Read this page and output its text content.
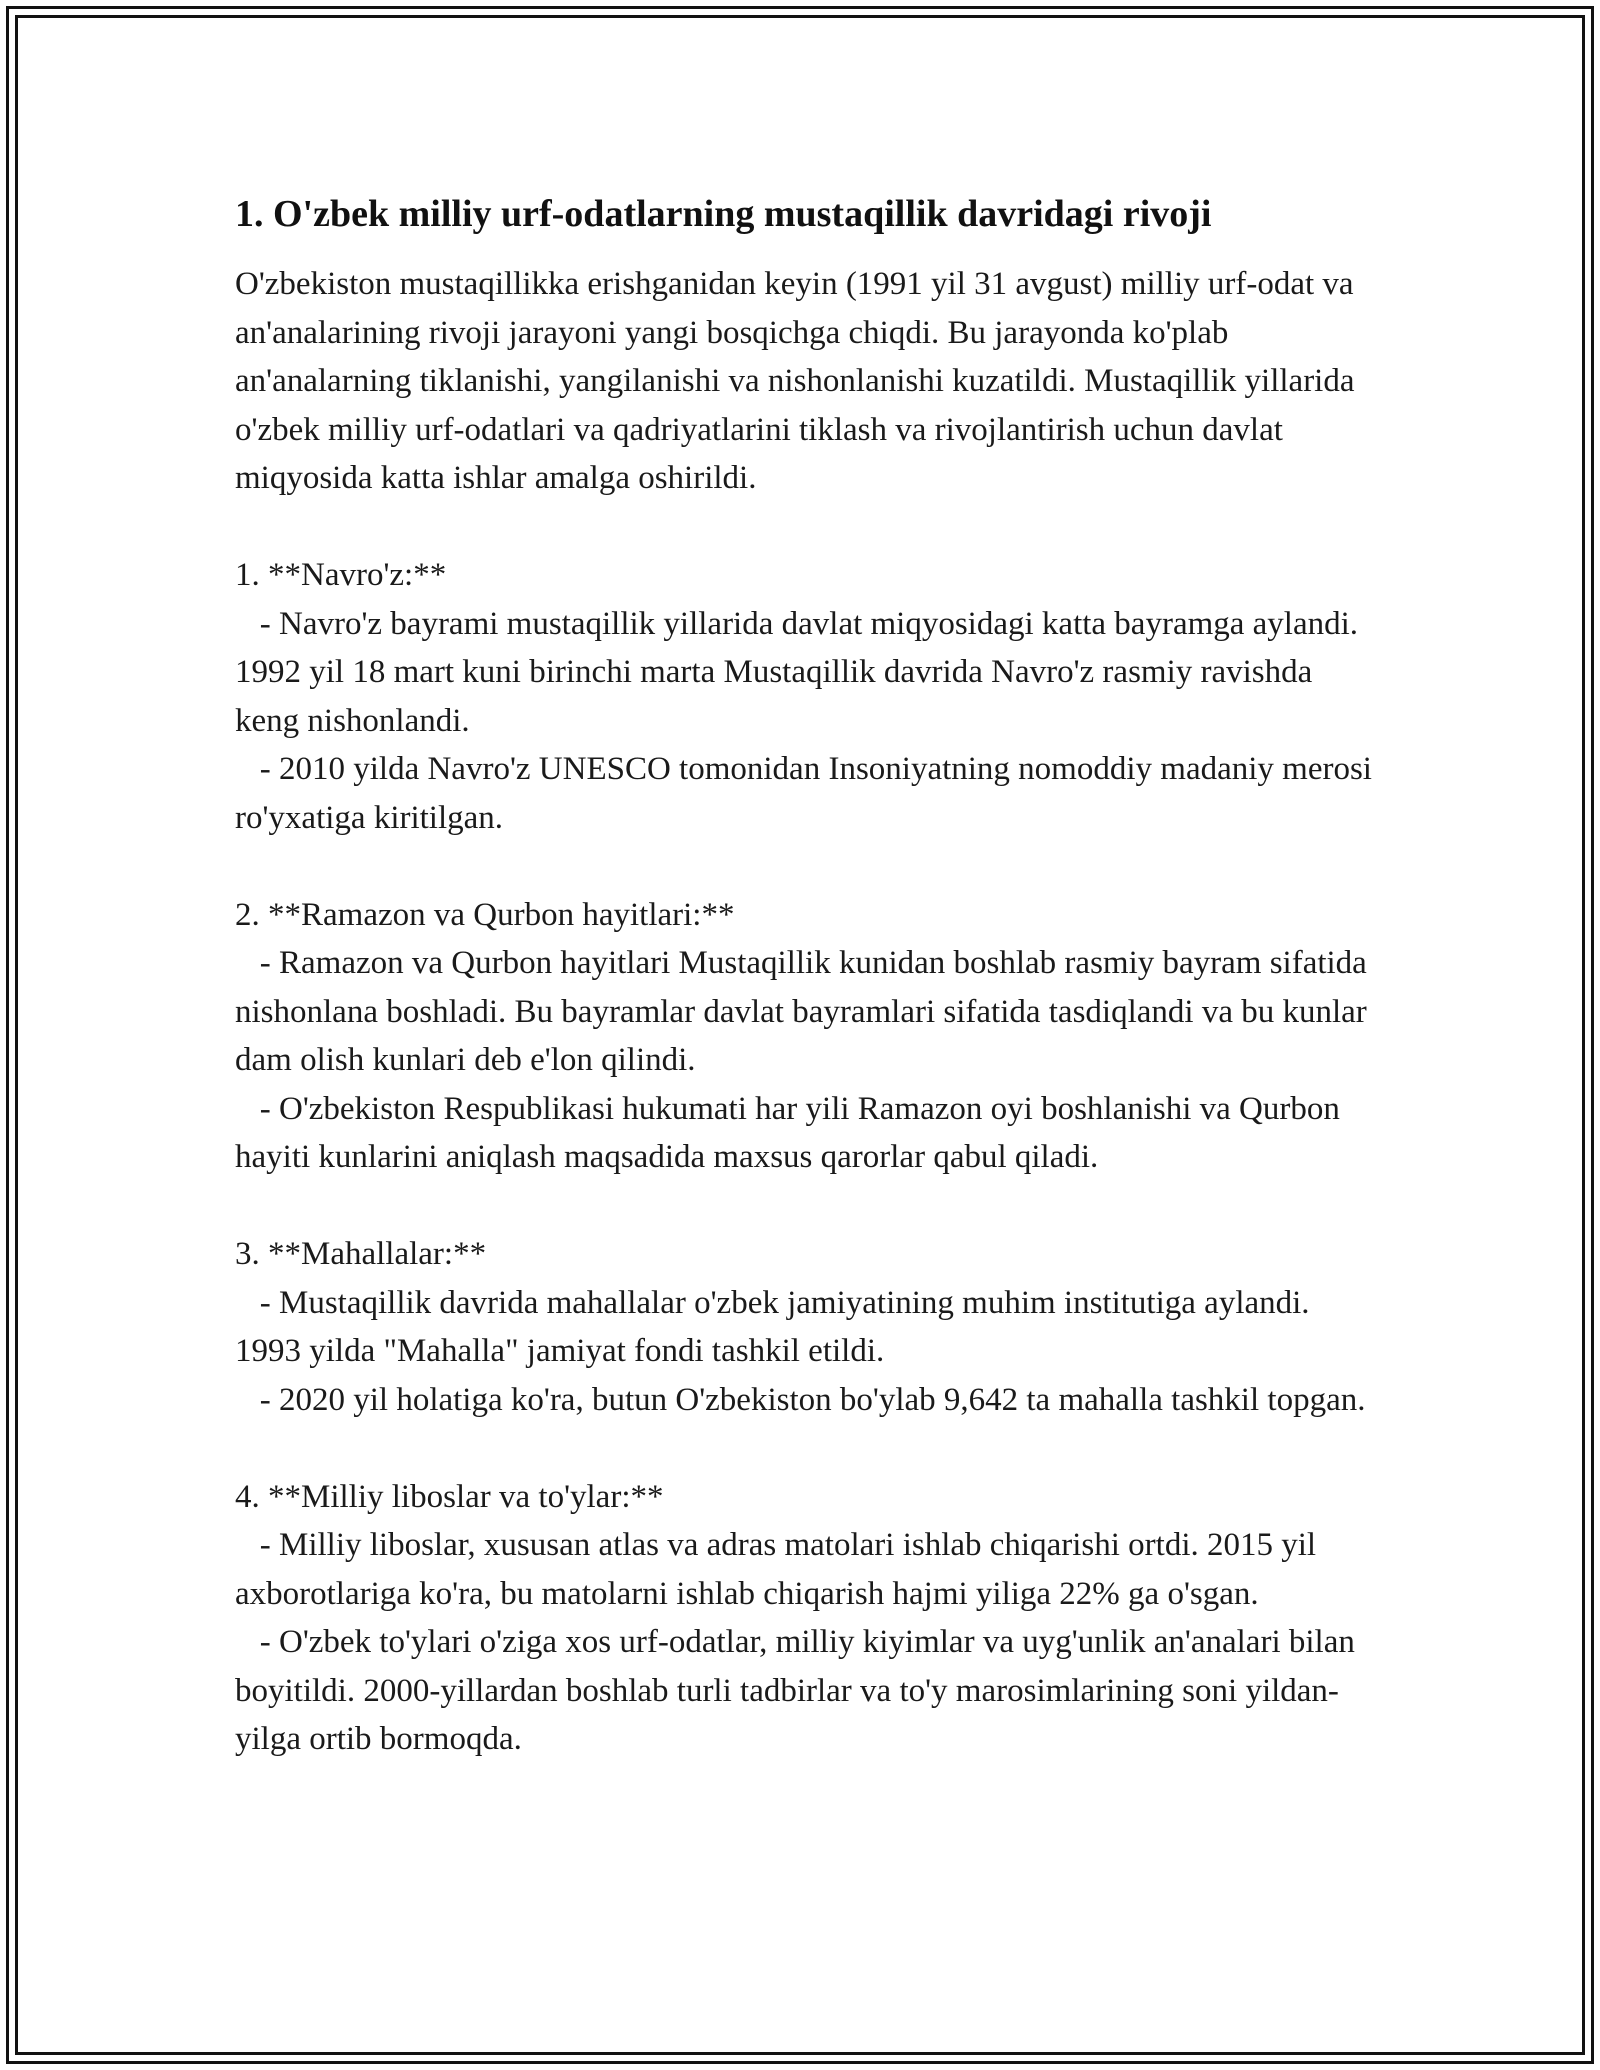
1. O'zbek milliy urf-odatlarning mustaqillik davridagi rivoji

O'zbekiston mustaqillikka erishganidan keyin (1991 yil 31 avgust) milliy urf-odat va an'analarining rivoji jarayoni yangi bosqichga chiqdi. Bu jarayonda ko'plab an'analarning tiklanishi, yangilanishi va nishonlanishi kuzatildi. Mustaqillik yillarida o'zbek milliy urf-odatlari va qadriyatlarini tiklash va rivojlantirish uchun davlat miqyosida katta ishlar amalga oshirildi.

1. **Navro'z:**

- Navro'z bayrami mustaqillik yillarida davlat miqyosidagi katta bayramga aylandi. 1992 yil 18 mart kuni birinchi marta Mustaqillik davrida Navro'z rasmiy ravishda keng nishonlandi.

- 2010 yilda Navro'z UNESCO tomonidan Insoniyatning nomoddiy madaniy merosi ro'yxatiga kiritilgan.

2. **Ramazon va Qurbon hayitlari:**

- Ramazon va Qurbon hayitlari Mustaqillik kunidan boshlab rasmiy bayram sifatida nishonlana boshladi. Bu bayramlar davlat bayramlari sifatida tasdiqlandi va bu kunlar dam olish kunlari deb e'lon qilindi.

- O'zbekiston Respublikasi hukumati har yili Ramazon oyi boshlanishi va Qurbon hayiti kunlarini aniqlash maqsadida maxsus qarorlar qabul qiladi.

3. **Mahallalar:**

- Mustaqillik davrida mahallalar o'zbek jamiyatining muhim institutiga aylandi. 1993 yilda "Mahalla" jamiyat fondi tashkil etildi.

- 2020 yil holatiga ko'ra, butun O'zbekiston bo'ylab 9,642 ta mahalla tashkil topgan.

4. **Milliy liboslar va to'ylar:**

- Milliy liboslar, xususan atlas va adras matolari ishlab chiqarishi ortdi. 2015 yil axborotlariga ko'ra, bu matolarni ishlab chiqarish hajmi yiliga 22% ga o'sgan.

- O'zbek to'ylari o'ziga xos urf-odatlar, milliy kiyimlar va uyg'unlik an'analari bilan boyitildi. 2000-yillardan boshlab turli tadbirlar va to'y marosimlarining soni yildan-yilga ortib bormoqda.
